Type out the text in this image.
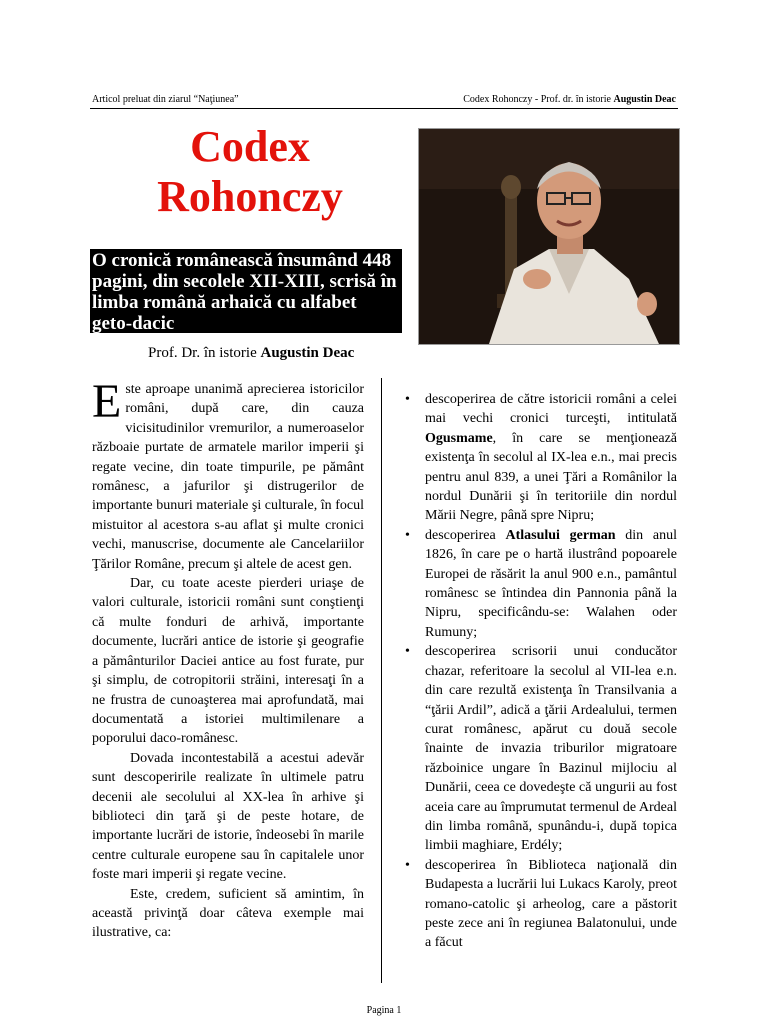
Articol preluat din ziarul “Naţiunea”	Codex Rohonczy - Prof. dr. în istorie Augustin Deac
Codex Rohonczy
O cronică românească însumând 448 pagini, din secolele XII-XIII, scrisă în limba română arhaică cu alfabet geto-dacic
Prof. Dr. în istorie Augustin Deac

Este aproape unanimă aprecierea istoricilor români, după care, din cauza vicisitudinilor vremurilor, a numeroaselor războaie purtate de armatele marilor imperii şi regate vecine, din toate timpurile, pe pământ românesc, a jafurilor şi distrugerilor de importante bunuri materiale şi culturale, în focul mistuitor al acestora s-au aflat şi multe cronici vechi, manuscrise, documente ale Cancelariilor Ţărilor Române, precum şi altele de acest gen.

Dar, cu toate aceste pierderi uriaşe de valori culturale, istoricii români sunt conştienţi că multe fonduri de arhivă, importante documente, lucrări antice de istorie şi geografie a pământurilor Daciei antice au fost furate, pur şi simplu, de cotropitorii străini, interesaţi în a ne frustra de cunoaşterea mai aprofundată, mai documentată a istoriei multimilenare a poporului daco-românesc.

Dovada incontestabilă a acestui adevăr sunt descoperirile realizate în ultimele patru decenii ale secolului al XX-lea în arhive şi biblioteci din ţară şi de peste hotare, de importante lucrări de istorie, îndeosebi în marile centre culturale europene sau în capitalele unor foste mari imperii şi regate vecine.

Este, credem, suficient să amintim, în această privinţă doar câteva exemple mai ilustrative, ca:

• descoperirea de către istoricii români a celei mai vechi cronici turceşti, intitulată Ogusmame, în care se menţionează existenţa în secolul al IX-lea e.n., mai precis pentru anul 839, a unei Ţări a Românilor la nordul Dunării şi în teritoriile din nordul Mării Negre, până spre Nipru;
• descoperirea Atlasului german din anul 1826, în care pe o hartă ilustrând popoarele Europei de răsărit la anul 900 e.n., pamântul românesc se întindea din Pannonia până la Nipru, specificându-se: Walahen oder Rumuny;
• descoperirea scrisorii unui conducător chazar, referitoare la secolul al VII-lea e.n. din care rezultă existenţa în Transilvania a “ţării Ardil”, adică a ţării Ardealului, termen curat românesc, apărut cu două secole înainte de invazia triburilor migratoare războinice ungare în Bazinul mijlociu al Dunării, ceea ce dovedeşte că ungurii au fost aceia care au împrumutat termenul de Ardeal din limba română, spunându-i, după topica limbii maghiare, Erdély;
• descoperirea în Biblioteca naţională din Budapesta a lucrării lui Lukacs Karoly, preot romano-catolic şi arheolog, care a păstorit peste zece ani în regiunea Balatonului, unde a făcut
Pagina 1
